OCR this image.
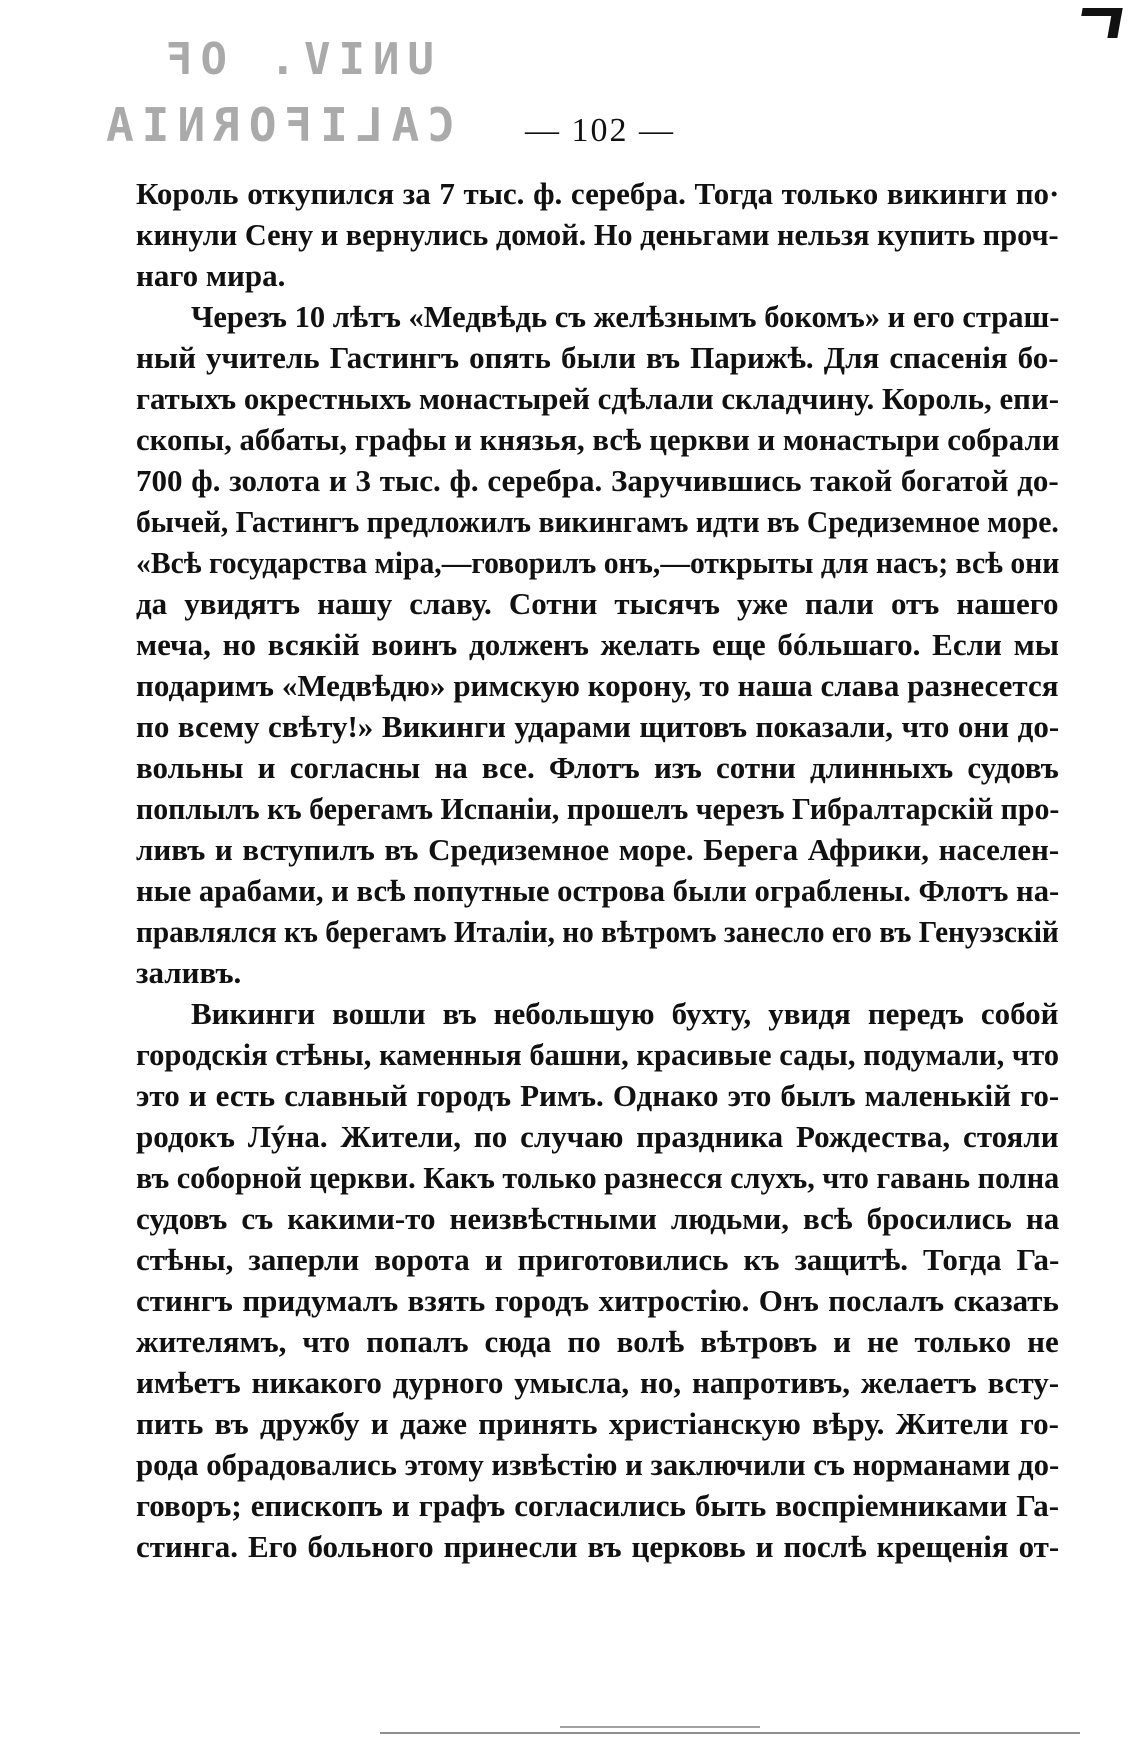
UNIV. OF
CALIFORNIA	— 102 —
Король откупился за 7 тыс. ф. серебра. Тогда только викинги по·
кинули Сену и вернулись домой. Но деньгами нельзя купить проч-
наго мира.
Черезъ 10 лѣтъ «Медвѣдь съ желѣзнымъ бокомъ» и его страш-
ный учитель Гастингъ опять были въ Парижѣ. Для спасенія бо-
гатыхъ окрестныхъ монастырей сдѣлали складчину. Король, епи-
скопы, аббаты, графы и князья, всѣ церкви и монастыри собрали
700 ф. золота и 3 тыс. ф. серебра. Заручившись такой богатой до-
бычей, Гастингъ предложилъ викингамъ идти въ Средиземное море.
«Всѣ государства міра,—говорилъ онъ,—открыты для насъ; всѣ они
да увидятъ нашу славу. Сотни тысячъ уже пали отъ нашего
меча, но всякій воинъ долженъ желать еще бóльшаго. Если мы
подаримъ «Медвѣдю» римскую корону, то наша слава разнесется
по всему свѣту!» Викинги ударами щитовъ показали, что они до-
вольны и согласны на все. Флотъ изъ сотни длинныхъ судовъ
поплылъ къ берегамъ Испаніи, прошелъ черезъ Гибралтарскій про-
ливъ и вступилъ въ Средиземное море. Берега Африки, населен-
ные арабами, и всѣ попутные острова были ограблены. Флотъ на-
правлялся къ берегамъ Италіи, но вѣтромъ занесло его въ Генуэзскій
заливъ.
Викинги вошли въ небольшую бухту, увидя передъ собой
городскія стѣны, каменныя башни, красивые сады, подумали, что
это и есть славный городъ Римъ. Однако это былъ маленькій го-
родокъ Лýна. Жители, по случаю праздника Рождества, стояли
въ соборной церкви. Какъ только разнесся слухъ, что гавань полна
судовъ съ какими-то неизвѣстными людьми, всѣ бросились на
стѣны, заперли ворота и приготовились къ защитѣ. Тогда Га-
стингъ придумалъ взять городъ хитростію. Онъ послалъ сказать
жителямъ, что попалъ сюда по волѣ вѣтровъ и не только не
имѣетъ никакого дурного умысла, но, напротивъ, желаетъ всту-
пить въ дружбу и даже принять христіанскую вѣру. Жители го-
рода обрадовались этому извѣстію и заключили съ норманами до-
говоръ; епископъ и графъ согласились быть воспріемниками Га-
стинга. Его больного принесли въ церковь и послѣ крещенія от-
